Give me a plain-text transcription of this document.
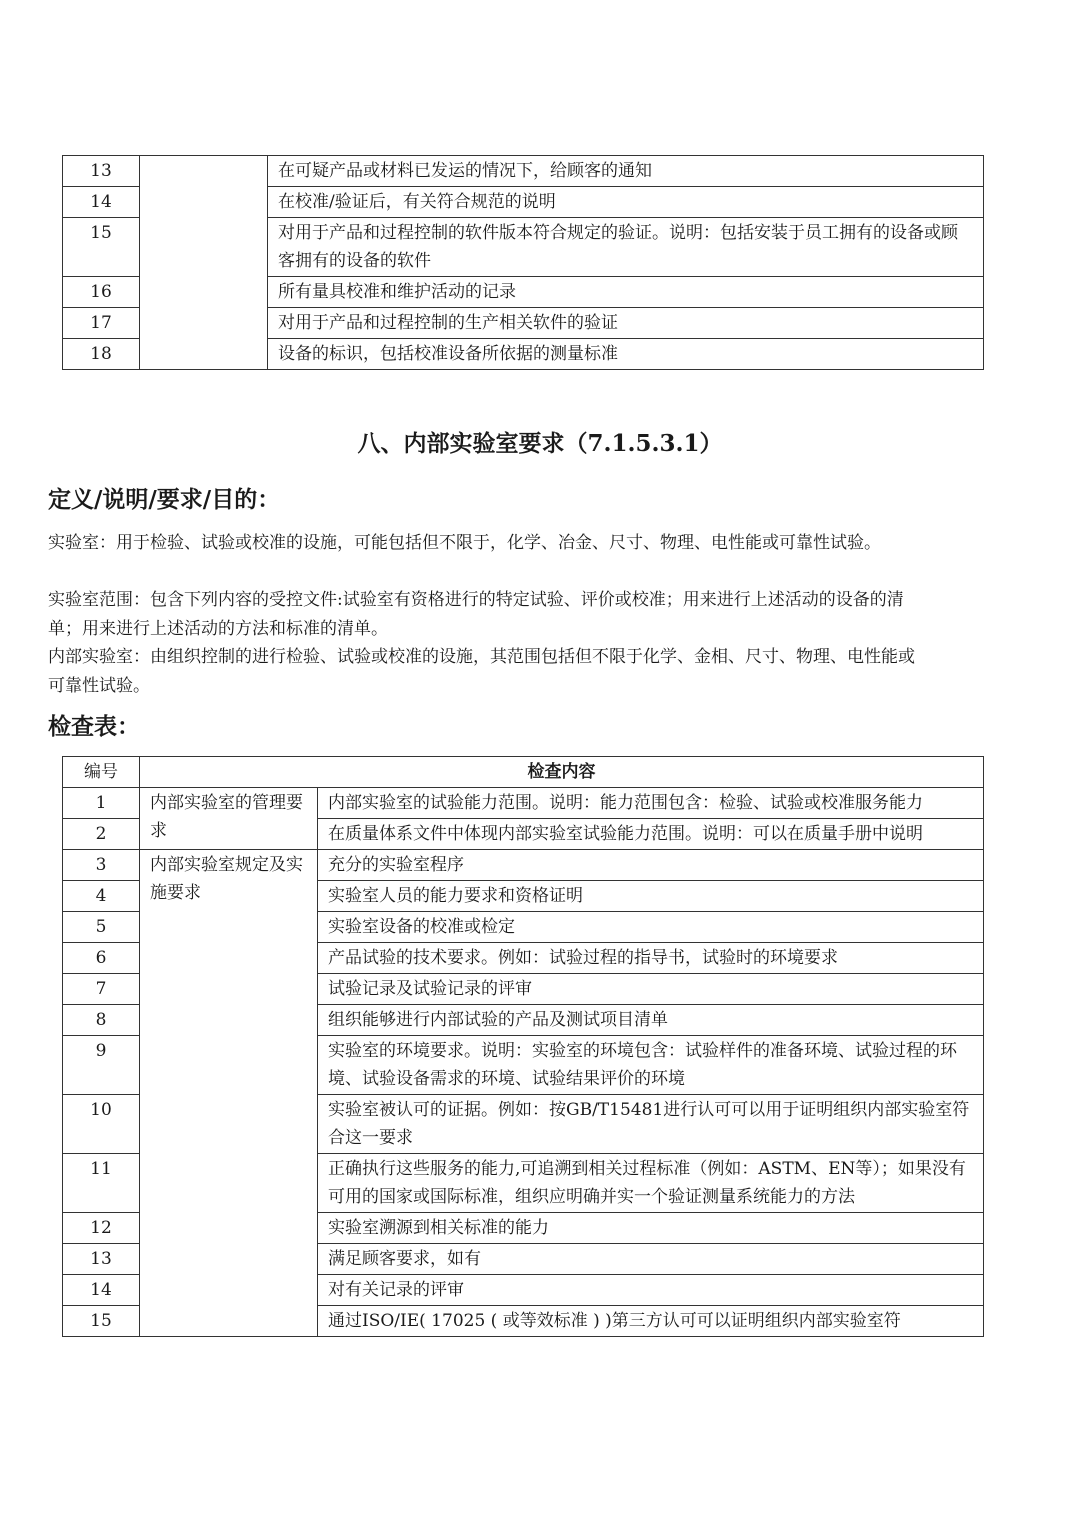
13		在可疑产品或材料已发运的情况下，给顾客的通知
14		在校准/验证后，有关符合规范的说明
15		对用于产品和过程控制的软件版本符合规定的验证。说明：包括安装于员工拥有的设备或顾客拥有的设备的软件
16		所有量具校准和维护活动的记录
17		对用于产品和过程控制的生产相关软件的验证
18		设备的标识，包括校准设备所依据的测量标准
八、内部实验室要求（7.1.5.3.1）
定义/说明/要求/目的：
实验室：用于检验、试验或校准的设施，可能包括但不限于，化学、冶金、尺寸、物理、电性能或可靠性试验。
实验室范围：包含下列内容的受控文件:试验室有资格进行的特定试验、评价或校准；用来进行上述活动的设备的清单；用来进行上述活动的方法和标准的清单。
内部实验室：由组织控制的进行检验、试验或校准的设施，其范围包括但不限于化学、金相、尺寸、物理、电性能或可靠性试验。
检查表：
编号	检查内容	
1	内部实验室的管理要求	内部实验室的试验能力范围。说明：能力范围包含：检验、试验或校准服务能力
2		在质量体系文件中体现内部实验室试验能力范围。说明：可以在质量手册中说明
3	内部实验室规定及实施要求	充分的实验室程序
4		实验室人员的能力要求和资格证明
5		实验室设备的校准或检定
6		产品试验的技术要求。例如：试验过程的指导书，试验时的环境要求
7		试验记录及试验记录的评审
8		组织能够进行内部试验的产品及测试项目清单
9		实验室的环境要求。说明：实验室的环境包含：试验样件的准备环境、试验过程的环境、试验设备需求的环境、试验结果评价的环境
10		实验室被认可的证据。例如：按GB/T15481进行认可可以用于证明组织内部实验室符合这一要求
11		正确执行这些服务的能力,可追溯到相关过程标准（例如：ASTM、EN等）；如果没有可用的国家或国际标准，组织应明确并实一个验证测量系统能力的方法
12		实验室溯源到相关标准的能力
13		满足顾客要求，如有
14		对有关记录的评审
15		通过ISO/IE( 17025 ( 或等效标准 ) )第三方认可可以证明组织内部实验室符
